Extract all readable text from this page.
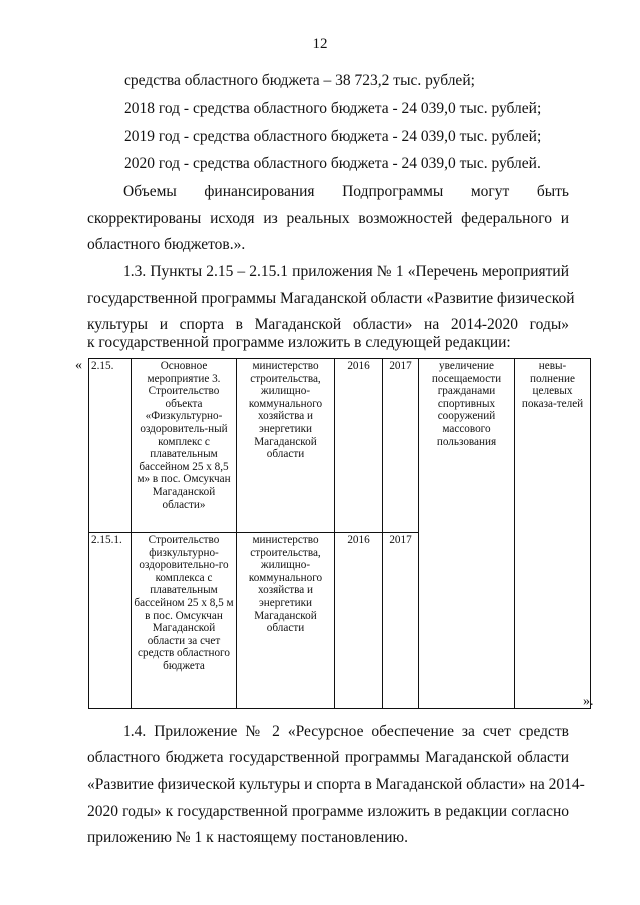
12
средства областного бюджета – 38 723,2 тыс. рублей;
2018 год - средства областного бюджета - 24 039,0 тыс. рублей;
2019 год - средства областного бюджета - 24 039,0 тыс. рублей;
2020 год - средства областного бюджета - 24 039,0 тыс. рублей.
Объемы финансирования Подпрограммы могут быть
скорректированы исходя из реальных возможностей федерального и
областного бюджетов.».
1.3. Пункты 2.15 – 2.15.1 приложения № 1 «Перечень мероприятий
государственной программы Магаданской области «Развитие физической
культуры и спорта в Магаданской области» на 2014-2020 годы»
к государственной программе изложить в следующей редакции:
« 2.15.	Основное мероприятие 3. Строительство объекта «Физкультурно-оздоровитель-ный комплекс с плавательным бассейном 25 х 8,5 м» в пос. Омсукчан Магаданской области»	министерство строительства, жилищно-коммунального хозяйства и энергетики Магаданской области	2016	2017	увеличение посещаемости гражданами спортивных сооружений массового пользования	невы-полнение целевых показа-телей
2.15.1.	Строительство физкультурно-оздоровительно-го комплекса с плавательным бассейном 25 х 8,5 м в пос. Омсукчан Магаданской области за счет средств областного бюджета	министерство строительства, жилищно-коммунального хозяйства и энергетики Магаданской области	2016	2017		
».
1.4. Приложение № 2 «Ресурсное обеспечение за счет средств
областного бюджета государственной программы Магаданской области
«Развитие физической культуры и спорта в Магаданской области» на 2014-
2020 годы» к государственной программе изложить в редакции согласно
приложению № 1 к настоящему постановлению.
